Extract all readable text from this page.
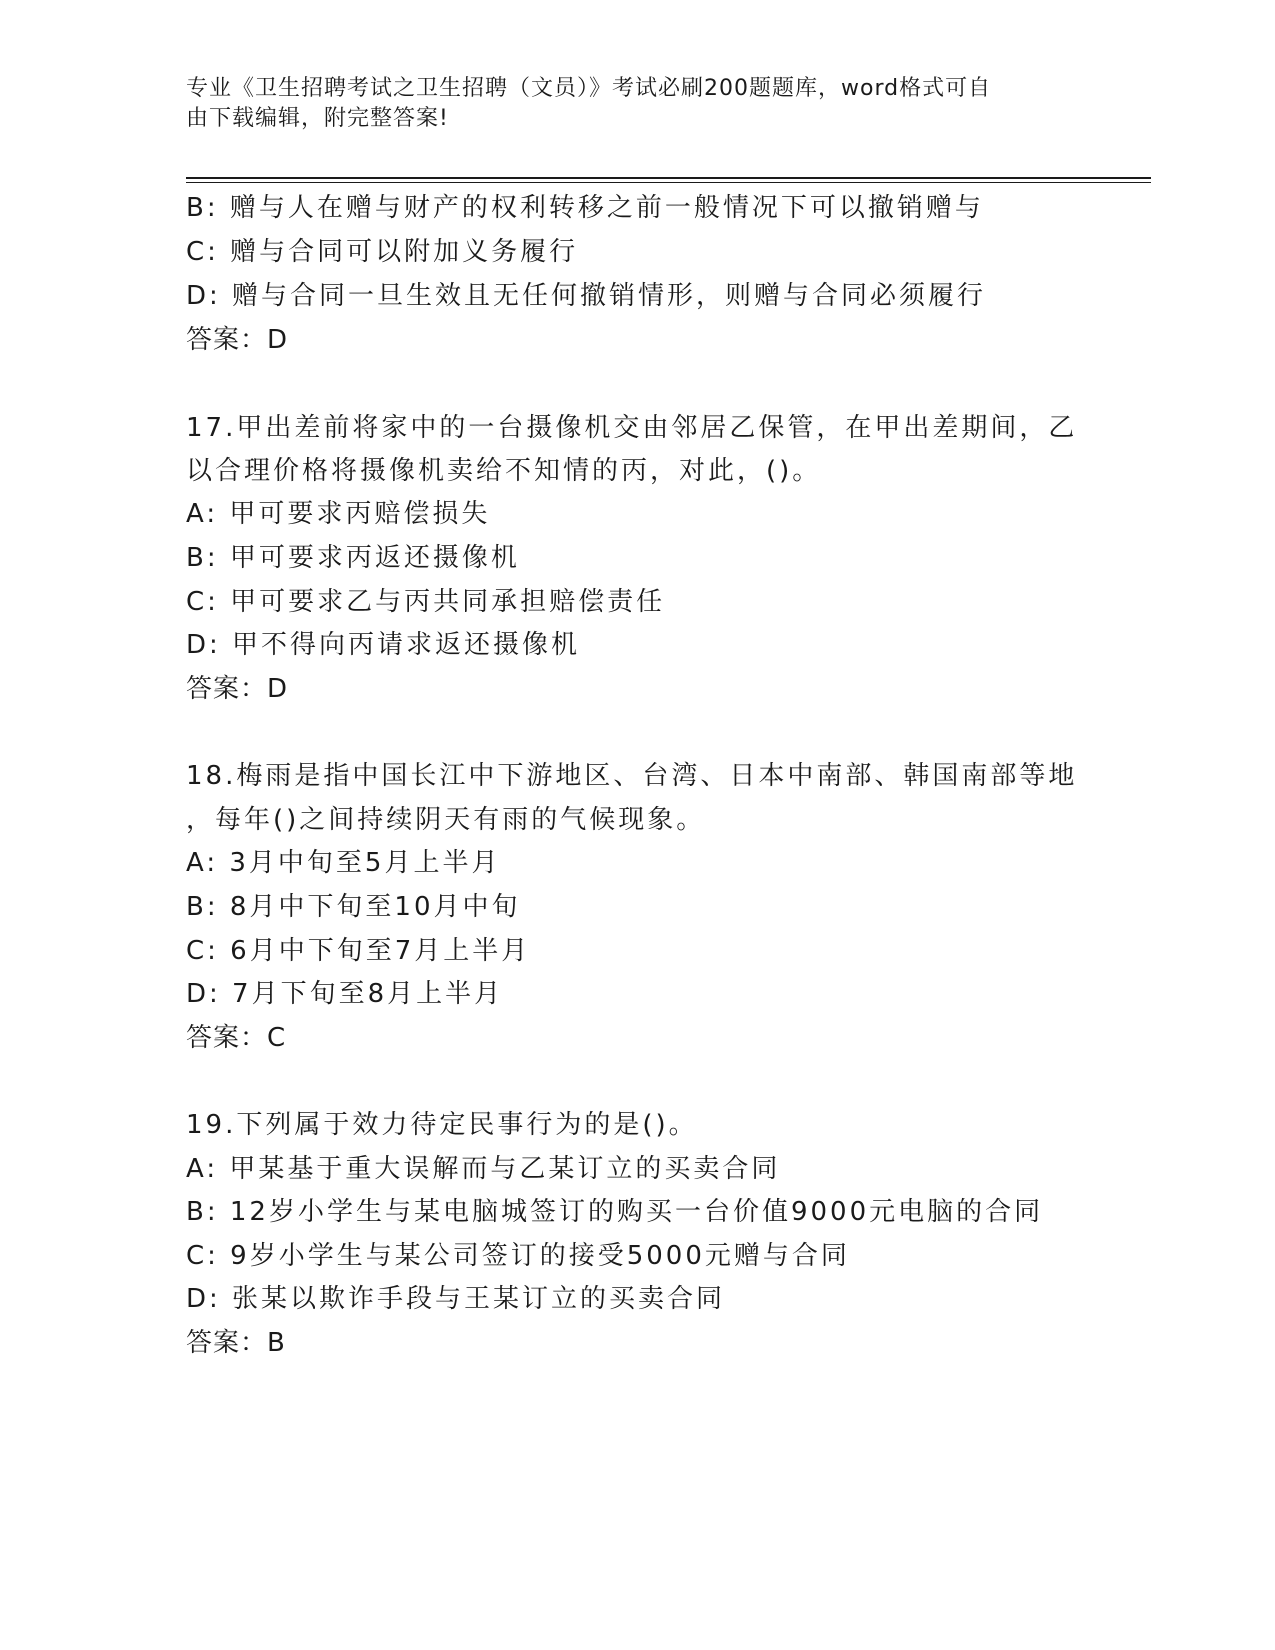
专业《卫生招聘考试之卫生招聘（文员）》考试必刷200题题库，word格式可自
由下载编辑，附完整答案!
B: 赠与人在赠与财产的权利转移之前一般情况下可以撤销赠与
C: 赠与合同可以附加义务履行
D: 赠与合同一旦生效且无任何撤销情形，则赠与合同必须履行
答案：D
17.甲出差前将家中的一台摄像机交由邻居乙保管，在甲出差期间，乙
以合理价格将摄像机卖给不知情的丙，对此，()。
A: 甲可要求丙赔偿损失
B: 甲可要求丙返还摄像机
C: 甲可要求乙与丙共同承担赔偿责任
D: 甲不得向丙请求返还摄像机
答案：D
18.梅雨是指中国长江中下游地区、台湾、日本中南部、韩国南部等地
，每年()之间持续阴天有雨的气候现象。
A: 3月中旬至5月上半月
B: 8月中下旬至10月中旬
C: 6月中下旬至7月上半月
D: 7月下旬至8月上半月
答案：C
19.下列属于效力待定民事行为的是()。
A: 甲某基于重大误解而与乙某订立的买卖合同
B: 12岁小学生与某电脑城签订的购买一台价值9000元电脑的合同
C: 9岁小学生与某公司签订的接受5000元赠与合同
D: 张某以欺诈手段与王某订立的买卖合同
答案：B
